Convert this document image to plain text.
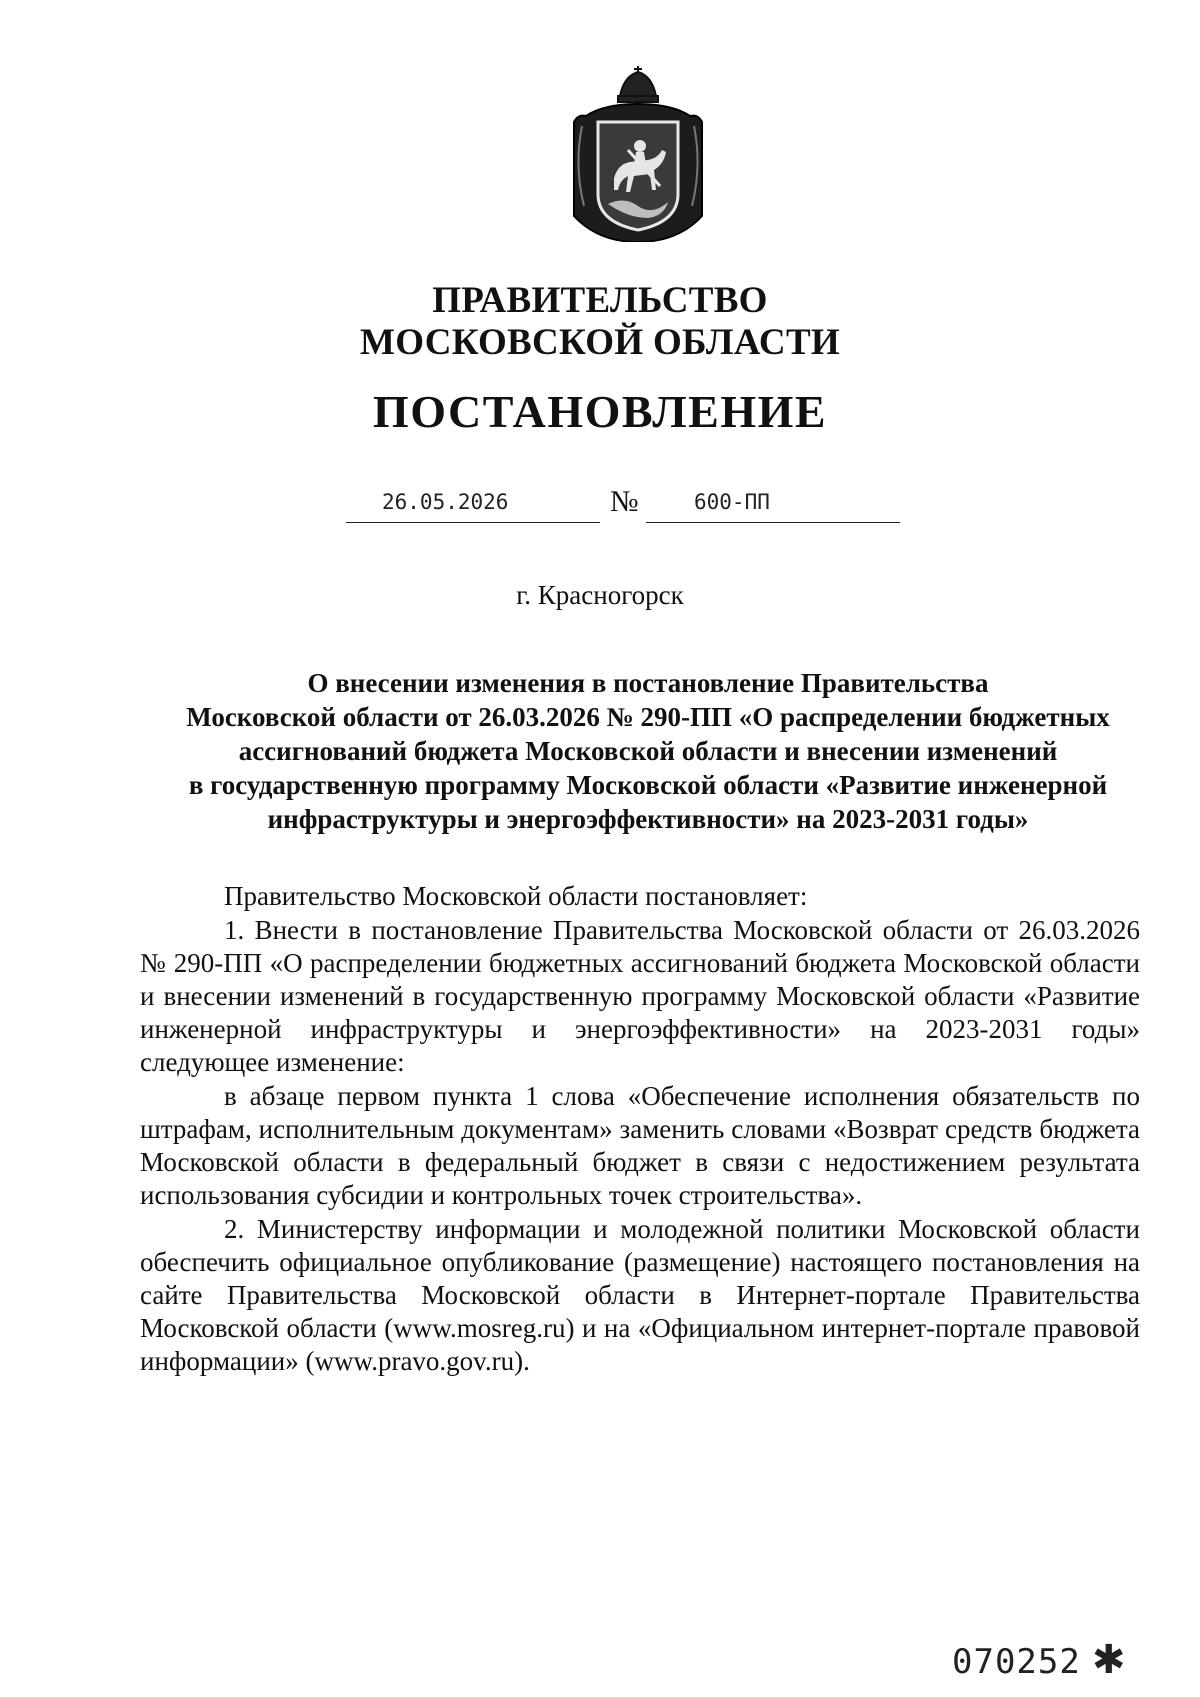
ПРАВИТЕЛЬСТВО
МОСКОВСКОЙ ОБЛАСТИ
ПОСТАНОВЛЕНИЕ
26.05.2026	№	600-ПП
г. Красногорск
О внесении изменения в постановление Правительства
Московской области от 26.03.2026 № 290-ПП «О распределении бюджетных
ассигнований бюджета Московской области и внесении изменений
в государственную программу Московской области «Развитие инженерной
инфраструктуры и энергоэффективности» на 2023-2031 годы»

Правительство Московской области постановляет:

1. Внести в постановление Правительства Московской области от 26.03.2026 № 290-ПП «О распределении бюджетных ассигнований бюджета Московской области и внесении изменений в государственную программу Московской области «Развитие инженерной инфраструктуры и энергоэффективности» на 2023-2031 годы» следующее изменение:

в абзаце первом пункта 1 слова «Обеспечение исполнения обязательств по штрафам, исполнительным документам» заменить словами «Возврат средств бюджета Московской области в федеральный бюджет в связи с недостижением результата использования субсидии и контрольных точек строительства».

2. Министерству информации и молодежной политики Московской области обеспечить официальное опубликование (размещение) настоящего постановления на сайте Правительства Московской области в Интернет-портале Правительства Московской области (www.mosreg.ru) и на «Официальном интернет-портале правовой информации» (www.pravo.gov.ru).

070252 ✱
